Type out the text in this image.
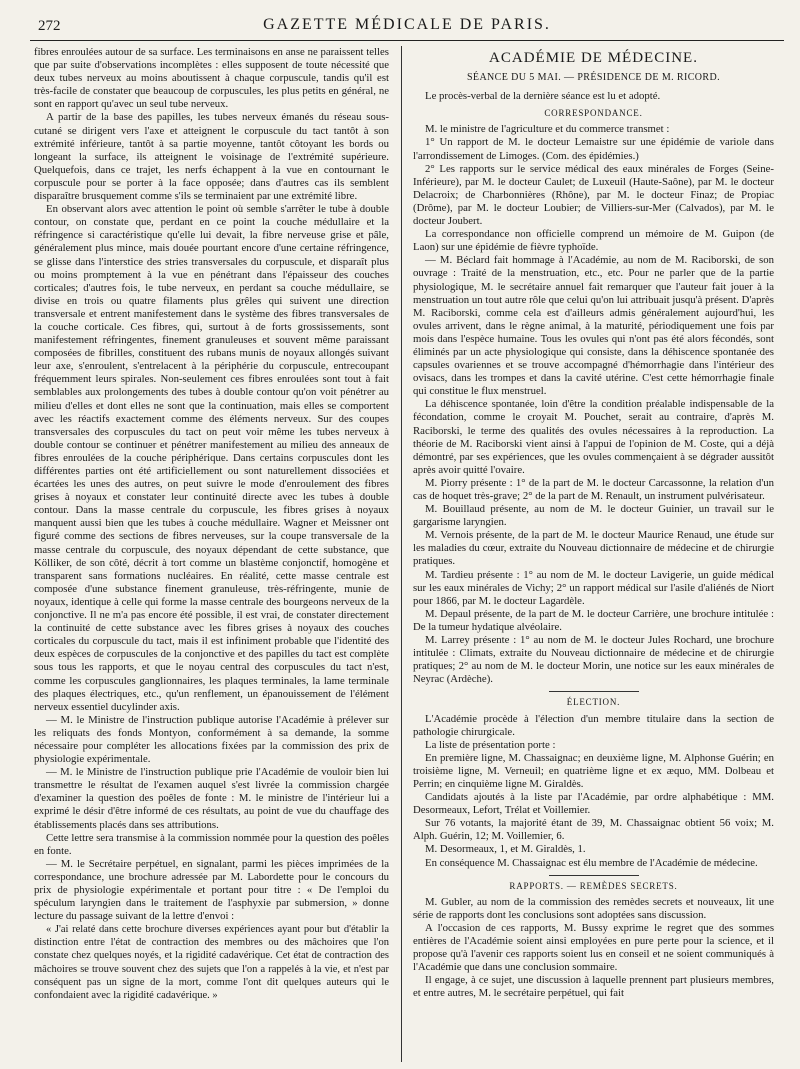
272	GAZETTE MÉDICALE DE PARIS.

fibres enroulées autour de sa surface. Les terminaisons en anse ne paraissent telles que par suite d'observations incomplètes : elles supposent de toute nécessité que deux tubes nerveux au moins aboutissent à chaque corpuscule, tandis qu'il est très-facile de constater que beaucoup de corpuscules, les plus petits en général, ne sont en rapport qu'avec un seul tube nerveux.

A partir de la base des papilles, les tubes nerveux émanés du réseau sous-cutané se dirigent vers l'axe et atteignent le corpuscule du tact tantôt à son extrémité inférieure, tantôt à sa partie moyenne, tantôt côtoyant les bords ou longeant la surface, ils atteignent le voisinage de l'extrémité supérieure. Quelquefois, dans ce trajet, les nerfs échappent à la vue en contournant le corpuscule pour se porter à la face opposée; dans d'autres cas ils semblent disparaître brusquement comme s'ils se terminaient par une extrémité libre.

En observant alors avec attention le point où semble s'arrêter le tube à double contour, on constate que, perdant en ce point la couche médullaire et la réfringence si caractéristique qu'elle lui devait, la fibre nerveuse grise et pâle, généralement plus mince, mais douée pourtant encore d'une certaine réfringence, se glisse dans l'interstice des stries transversales du corpuscule, et disparaît plus ou moins promptement à la vue en pénétrant dans l'épaisseur des couches corticales; d'autres fois, le tube nerveux, en perdant sa couche médullaire, se divise en trois ou quatre filaments plus grêles qui suivent une direction transversale et entrent manifestement dans le système des fibres transversales de la couche corticale. Ces fibres, qui, surtout à de forts grossissements, sont manifestement réfringentes, finement granuleuses et souvent même paraissant composées de fibrilles, constituent des rubans munis de noyaux allongés suivant leur axe, s'enroulent, s'entrelacent à la périphérie du corpuscule, entrecoupant fréquemment leurs spirales. Non-seulement ces fibres enroulées sont tout à fait semblables aux prolongements des tubes à double contour qu'on voit pénétrer au milieu d'elles et dont elles ne sont que la continuation, mais elles se comportent avec les réactifs exactement comme des éléments nerveux. Sur des coupes transversales des corpuscules du tact on peut voir même les tubes nerveux à double contour se continuer et pénétrer manifestement au milieu des anneaux de fibres enroulées de la couche périphérique. Dans certains corpuscules dont les différentes parties ont été artificiellement ou sont naturellement dissociées et écartées les unes des autres, on peut suivre le mode d'enroulement des fibres grises à noyaux et constater leur continuité directe avec les tubes à double contour. Dans la masse centrale du corpuscule, les fibres grises à noyaux manquent aussi bien que les tubes à couche médullaire. Wagner et Meissner ont figuré comme des sections de fibres nerveuses, sur la coupe transversale de la masse centrale du corpuscule, des noyaux dépendant de cette substance, que Kölliker, de son côté, décrit à tort comme un blastème conjonctif, homogène et transparent sans formations nucléaires. En réalité, cette masse centrale est composée d'une substance finement granuleuse, très-réfringente, munie de noyaux, identique à celle qui forme la masse centrale des bourgeons nerveux de la conjonctive. Il ne m'a pas encore été possible, il est vrai, de constater directement la continuité de cette substance avec les fibres grises à noyaux des couches corticales du corpuscule du tact, mais il est infiniment probable que l'identité des deux espèces de corpuscules de la conjonctive et des papilles du tact est complète sous tous les rapports, et que le noyau central des corpuscules du tact n'est, comme les corpuscules ganglionnaires, les plaques terminales, la lame terminale des plaques électriques, etc., qu'un renflement, un épanouissement de l'élément nerveux essentiel ducylinder axis.

— M. le Ministre de l'instruction publique autorise l'Académie à prélever sur les reliquats des fonds Montyon, conformément à sa demande, la somme nécessaire pour compléter les allocations fixées par la commission des prix de physiologie expérimentale.

— M. le Ministre de l'instruction publique prie l'Académie de vouloir bien lui transmettre le résultat de l'examen auquel s'est livrée la commission chargée d'examiner la question des poêles de fonte : M. le ministre de l'intérieur lui a exprimé le désir d'être informé de ces résultats, au point de vue du chauffage des établissements placés dans ses attributions.

Cette lettre sera transmise à la commission nommée pour la question des poêles en fonte.

— M. le Secrétaire perpétuel, en signalant, parmi les pièces imprimées de la correspondance, une brochure adressée par M. Labordette pour le concours du prix de physiologie expérimentale et portant pour titre : « De l'emploi du spéculum laryngien dans le traitement de l'asphyxie par submersion, » donne lecture du passage suivant de la lettre d'envoi :

« J'ai relaté dans cette brochure diverses expériences ayant pour but d'établir la distinction entre l'état de contraction des membres ou des mâchoires que l'on constate chez quelques noyés, et la rigidité cadavérique. Cet état de contraction des mâchoires se trouve souvent chez des sujets que l'on a rappelés à la vie, et n'est par conséquent pas un signe de la mort, comme l'ont dit quelques auteurs qui le confondaient avec la rigidité cadavérique. »

ACADÉMIE DE MÉDECINE.
SÉANCE DU 5 MAI. — PRÉSIDENCE DE M. RICORD.

Le procès-verbal de la dernière séance est lu et adopté.

CORRESPONDANCE.

M. le ministre de l'agriculture et du commerce transmet :

1° Un rapport de M. le docteur Lemaistre sur une épidémie de variole dans l'arrondissement de Limoges. (Com. des épidémies.)

2° Les rapports sur le service médical des eaux minérales de Forges (Seine-Inférieure), par M. le docteur Caulet; de Luxeuil (Haute-Saône), par M. le docteur Delacroix; de Charbonnières (Rhône), par M. le docteur Finaz; de Propiac (Drôme), par M. le docteur Loubier; de Villiers-sur-Mer (Calvados), par M. le docteur Joubert.

La correspondance non officielle comprend un mémoire de M. Guipon (de Laon) sur une épidémie de fièvre typhoïde.

— M. Béclard fait hommage à l'Académie, au nom de M. Raciborski, de son ouvrage : Traité de la menstruation, etc., etc. Pour ne parler que de la partie physiologique, M. le secrétaire annuel fait remarquer que l'auteur fait jouer à la menstruation un tout autre rôle que celui qu'on lui attribuait jusqu'à présent. D'après M. Raciborski, comme cela est d'ailleurs admis généralement aujourd'hui, les ovules arrivent, dans le règne animal, à la maturité, périodiquement une fois par mois dans l'espèce humaine. Tous les ovules qui n'ont pas été alors fécondés, sont éliminés par un acte physiologique qui consiste, dans la déhiscence spontanée des capsules ovariennes et se trouve accompagné d'hémorrhagie dans l'intérieur des ovisacs, dans les trompes et dans la cavité utérine. C'est cette hémorrhagie finale qui constitue le flux menstruel.

La déhiscence spontanée, loin d'être la condition préalable indispensable de la fécondation, comme le croyait M. Pouchet, serait au contraire, d'après M. Raciborski, le terme des qualités des ovules nécessaires à la reproduction. La théorie de M. Raciborski vient ainsi à l'appui de l'opinion de M. Coste, qui a déjà démontré, par ses expériences, que les ovules commençaient à se dégrader aussitôt après avoir quitté l'ovaire.

M. Piorry présente : 1° de la part de M. le docteur Carcassonne, la relation d'un cas de hoquet très-grave; 2° de la part de M. Renault, un instrument pulvérisateur.

M. Bouillaud présente, au nom de M. le docteur Guinier, un travail sur le gargarisme laryngien.

M. Vernois présente, de la part de M. le docteur Maurice Renaud, une étude sur les maladies du cœur, extraite du Nouveau dictionnaire de médecine et de chirurgie pratiques.

M. Tardieu présente : 1° au nom de M. le docteur Lavigerie, un guide médical sur les eaux minérales de Vichy; 2° un rapport médical sur l'asile d'aliénés de Niort pour 1866, par M. le docteur Lagardèle.

M. Depaul présente, de la part de M. le docteur Carrière, une brochure intitulée : De la tumeur hydatique alvéolaire.

M. Larrey présente : 1° au nom de M. le docteur Jules Rochard, une brochure intitulée : Climats, extraite du Nouveau dictionnaire de médecine et de chirurgie pratiques; 2° au nom de M. le docteur Morin, une notice sur les eaux minérales de Neyrac (Ardèche).

ÉLECTION.

L'Académie procède à l'élection d'un membre titulaire dans la section de pathologie chirurgicale.

La liste de présentation porte :

En première ligne, M. Chassaignac; en deuxième ligne, M. Alphonse Guérin; en troisième ligne, M. Verneuil; en quatrième ligne et ex æquo, MM. Dolbeau et Perrin; en cinquième ligne M. Giraldès.

Candidats ajoutés à la liste par l'Académie, par ordre alphabétique : MM. Desormeaux, Lefort, Trélat et Voillemier.

Sur 76 votants, la majorité étant de 39, M. Chassaignac obtient 56 voix; M. Alph. Guérin, 12; M. Voillemier, 6.

M. Desormeaux, 1, et M. Giraldès, 1.

En conséquence M. Chassaignac est élu membre de l'Académie de médecine.

RAPPORTS. — REMÈDES SECRETS.

M. Gubler, au nom de la commission des remèdes secrets et nouveaux, lit une série de rapports dont les conclusions sont adoptées sans discussion.

A l'occasion de ces rapports, M. Bussy exprime le regret que des sommes entières de l'Académie soient ainsi employées en pure perte pour la science, et il propose qu'à l'avenir ces rapports soient lus en conseil et ne soient communiqués à l'Académie que dans une conclusion sommaire.

Il engage, à ce sujet, une discussion à laquelle prennent part plusieurs membres, et entre autres, M. le secrétaire perpétuel, qui fait
